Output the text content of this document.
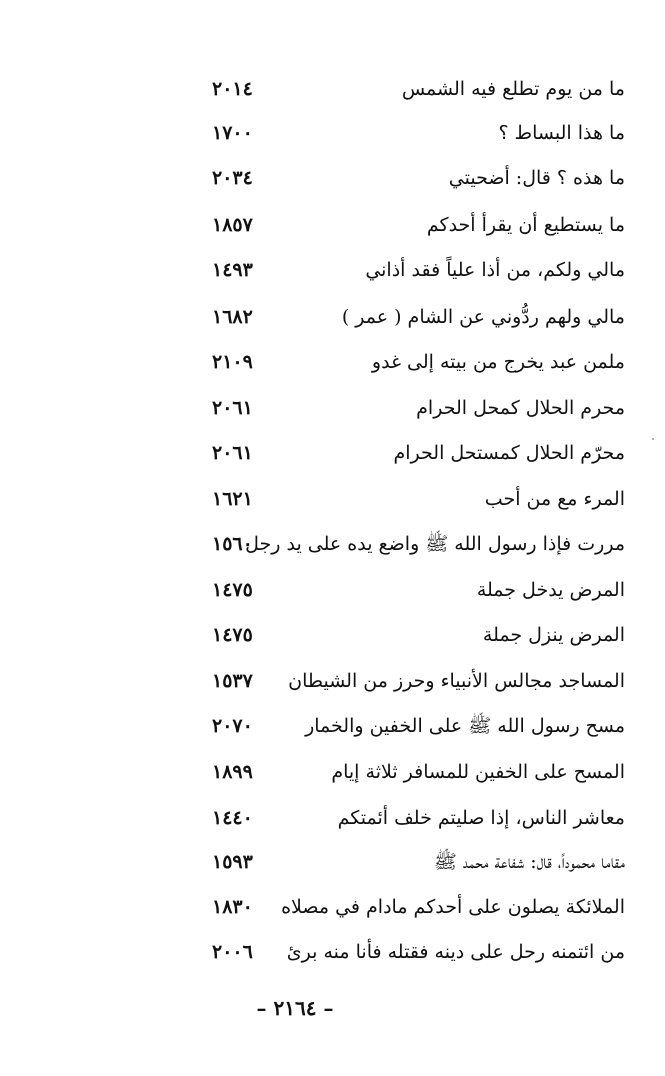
ما من يوم تطلع فيه الشمس
٢٠١٤
ما هذا البساط ؟
١٧٠٠
ما هذه ؟ قال: أضحيتي
٢٠٣٤
ما يستطيع أن يقرأ أحدكم
١٨٥٧
مالي ولكم، من أذا علياً فقد أذاني
١٤٩٣
مالي ولهم ردُّوني عن الشام ( عمر )
١٦٨٢
ملمن عبد يخرج من بيته إلى غدو
٢١٠٩
محرم الحلال كمحل الحرام
٢٠٦١
محرّم الحلال كمستحل الحرام
٢٠٦١
المرء مع من أحب
١٦٢١
مررت فإذا رسول الله ﷺ واضع يده على يد رجل
١٥٦٠
المرض يدخل جملة
١٤٧٥
المرض ينزل جملة
١٤٧٥
المساجد مجالس الأنبياء وحرز من الشيطان
١٥٣٧
مسح رسول الله ﷺ على الخفين والخمار
٢٠٧٠
المسح على الخفين للمسافر ثلاثة إيام
١٨٩٩
معاشر الناس، إذا صليتم خلف أئمتكم
١٤٤٠
مقاما محموداً، قال: شفاعة محمد ﷺ
١٥٩٣
الملائكة يصلون على أحدكم مادام في مصلاه
١٨٣٠
من ائتمنه رحل على دينه فقتله فأنا منه برئ
٢٠٠٦
– ٢١٦٤ –
